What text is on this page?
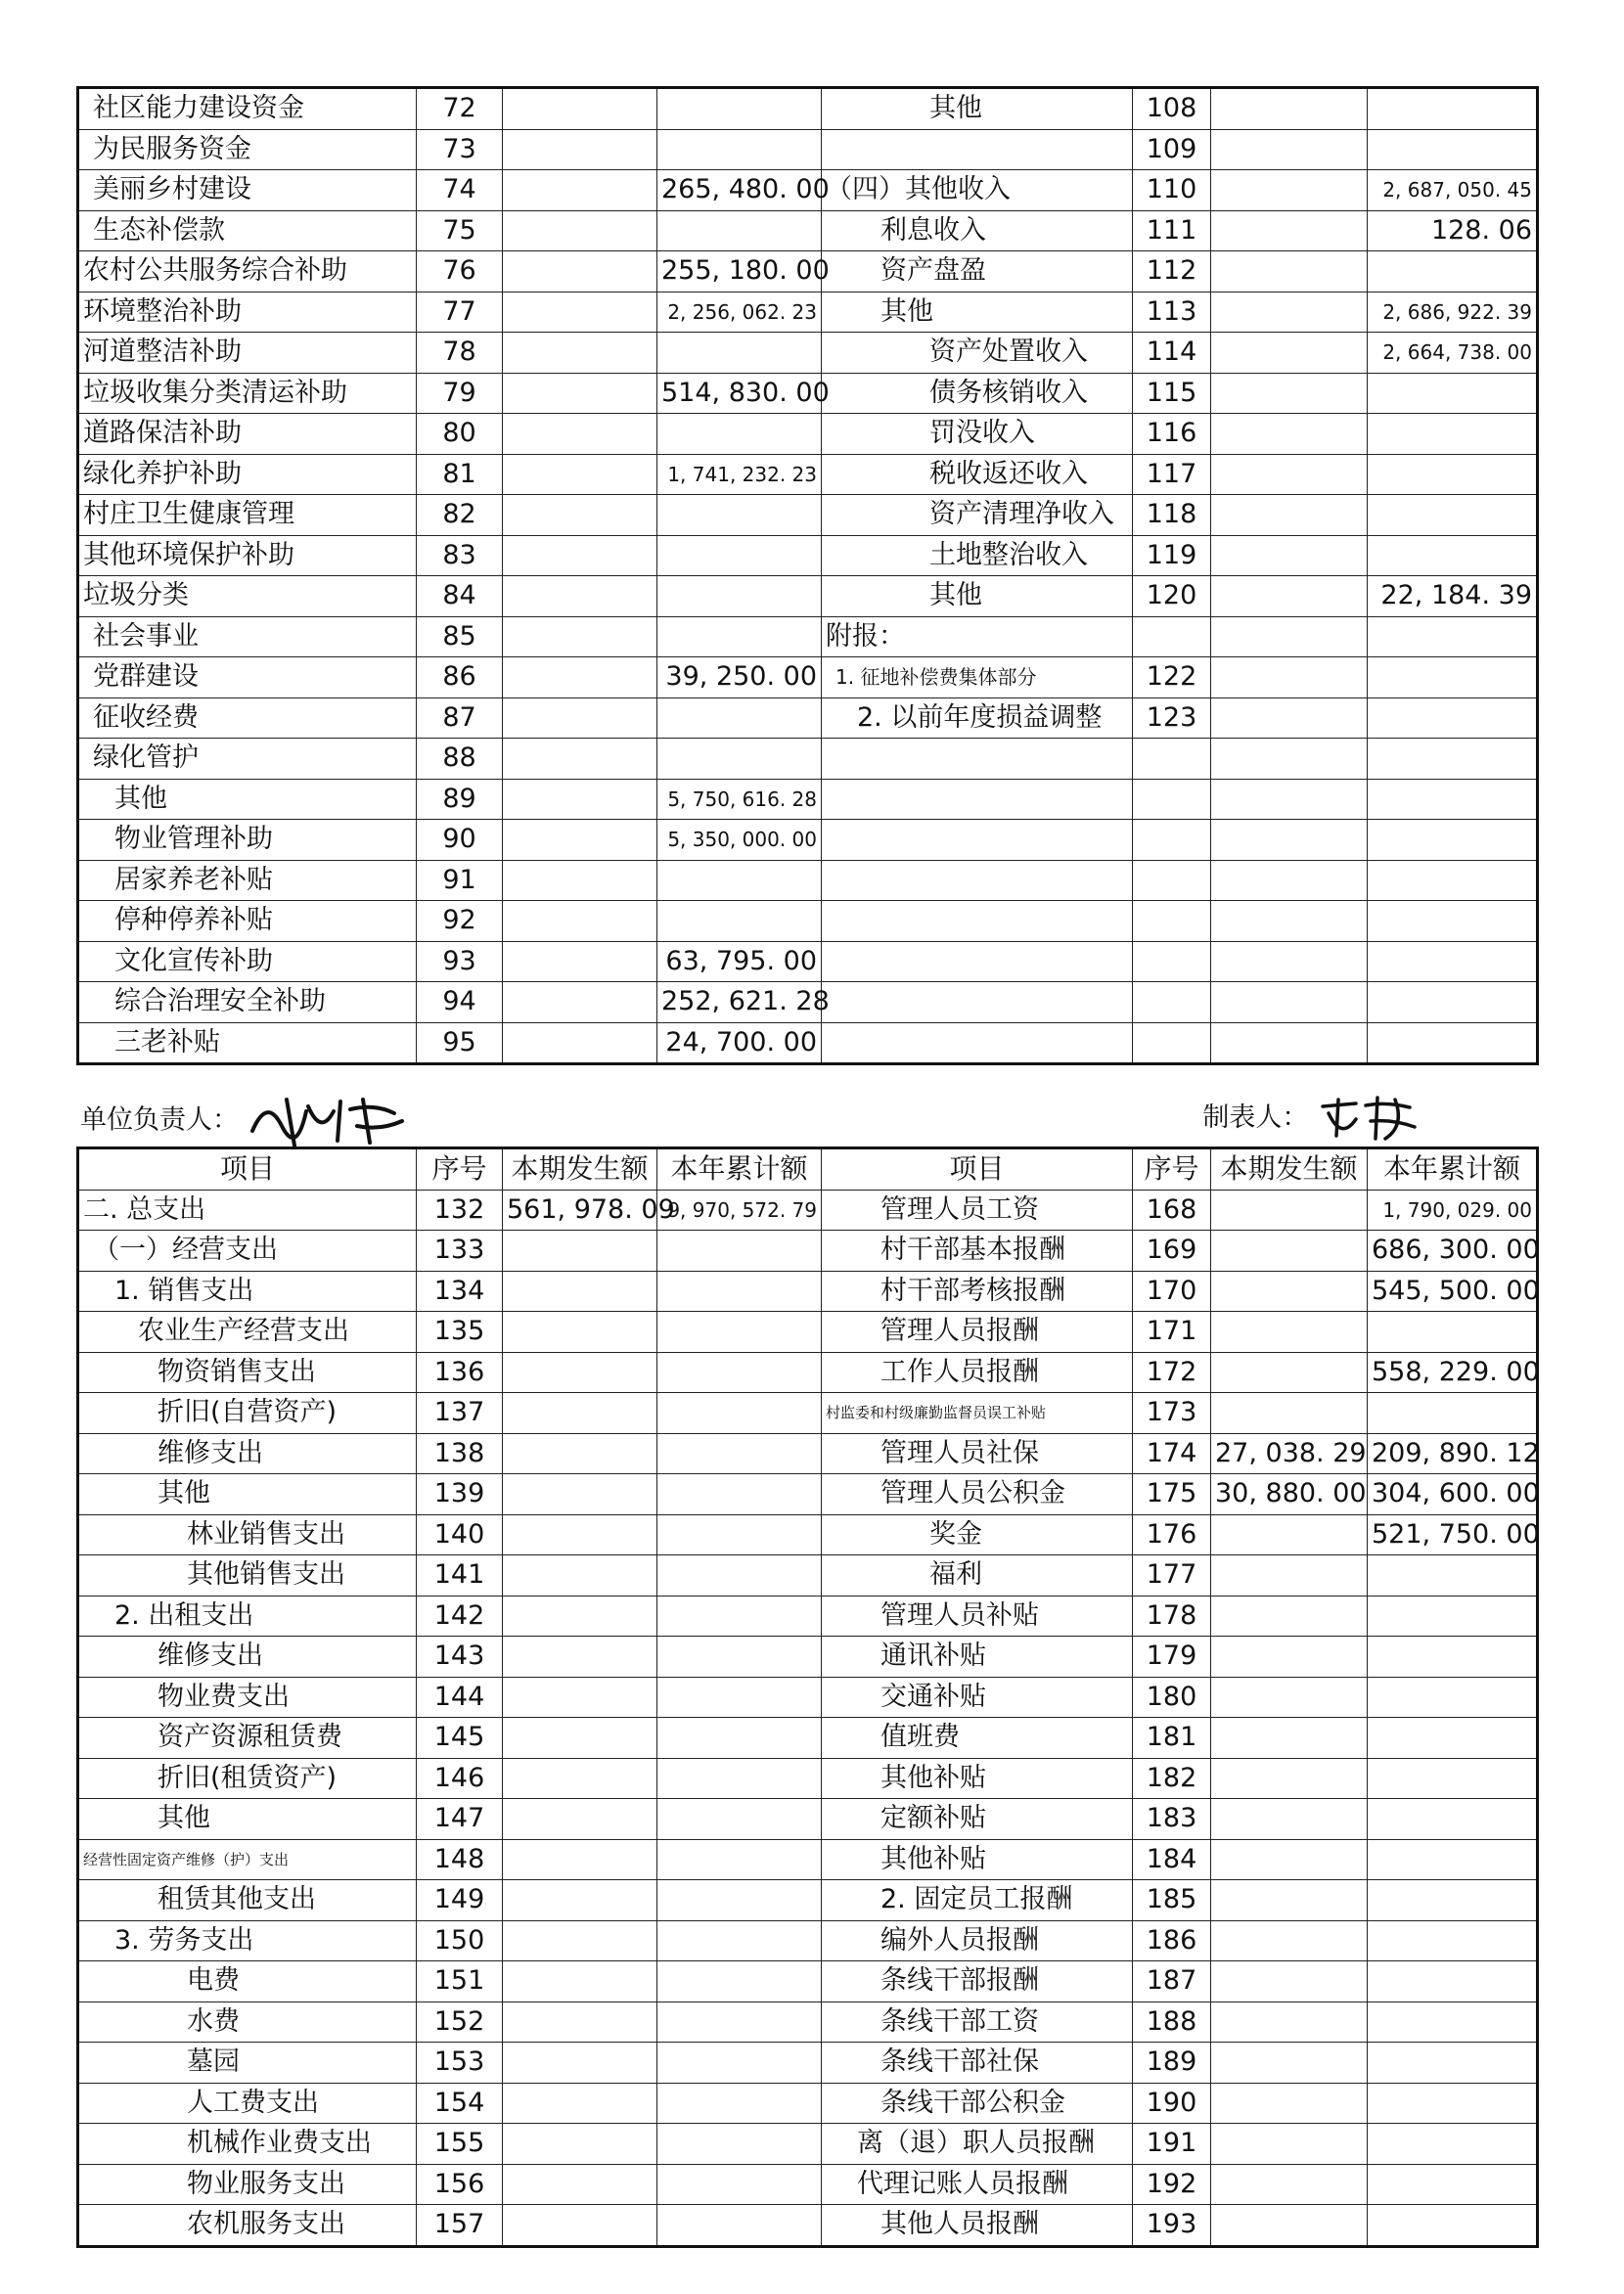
社区能力建设资金	72			其他	108		
为民服务资金	73				109		
美丽乡村建设	74		265, 480. 00	（四）其他收入	110		2, 687, 050. 45
生态补偿款	75			利息收入	111		128. 06
农村公共服务综合补助	76		255, 180. 00	资产盘盈	112		
环境整治补助	77		2, 256, 062. 23	其他	113		2, 686, 922. 39
河道整洁补助	78			资产处置收入	114		2, 664, 738. 00
垃圾收集分类清运补助	79		514, 830. 00	债务核销收入	115		
道路保洁补助	80			罚没收入	116		
绿化养护补助	81		1, 741, 232. 23	税收返还收入	117		
村庄卫生健康管理	82			资产清理净收入	118		
其他环境保护补助	83			土地整治收入	119		
垃圾分类	84			其他	120		22, 184. 39
社会事业	85			附报：			
党群建设	86		39, 250. 00	1. 征地补偿费集体部分	122		
征收经费	87			2. 以前年度损益调整	123		
绿化管护	88						
其他	89		5, 750, 616. 28				
物业管理补助	90		5, 350, 000. 00				
居家养老补贴	91						
停种停养补贴	92						
文化宣传补助	93		63, 795. 00				
综合治理安全补助	94		252, 621. 28				
三老补贴	95		24, 700. 00				
单位负责人：	制表人：
项目	序号	本期发生额	本年累计额	项目	序号	本期发生额	本年累计额
二. 总支出	132	561, 978. 09	9, 970, 572. 79	管理人员工资	168		1, 790, 029. 00
（一）经营支出	133			村干部基本报酬	169		686, 300. 00
1. 销售支出	134			村干部考核报酬	170		545, 500. 00
农业生产经营支出	135			管理人员报酬	171		
物资销售支出	136			工作人员报酬	172		558, 229. 00
折旧(自营资产)	137			村监委和村级廉勤监督员误工补贴	173		
维修支出	138			管理人员社保	174	27, 038. 29	209, 890. 12
其他	139			管理人员公积金	175	30, 880. 00	304, 600. 00
林业销售支出	140			奖金	176		521, 750. 00
其他销售支出	141			福利	177		
2. 出租支出	142			管理人员补贴	178		
维修支出	143			通讯补贴	179		
物业费支出	144			交通补贴	180		
资产资源租赁费	145			值班费	181		
折旧(租赁资产)	146			其他补贴	182		
其他	147			定额补贴	183		
经营性固定资产维修（护）支出	148			其他补贴	184		
租赁其他支出	149			2. 固定员工报酬	185		
3. 劳务支出	150			编外人员报酬	186		
电费	151			条线干部报酬	187		
水费	152			条线干部工资	188		
墓园	153			条线干部社保	189		
人工费支出	154			条线干部公积金	190		
机械作业费支出	155			离（退）职人员报酬	191		
物业服务支出	156			代理记账人员报酬	192		
农机服务支出	157			其他人员报酬	193		
